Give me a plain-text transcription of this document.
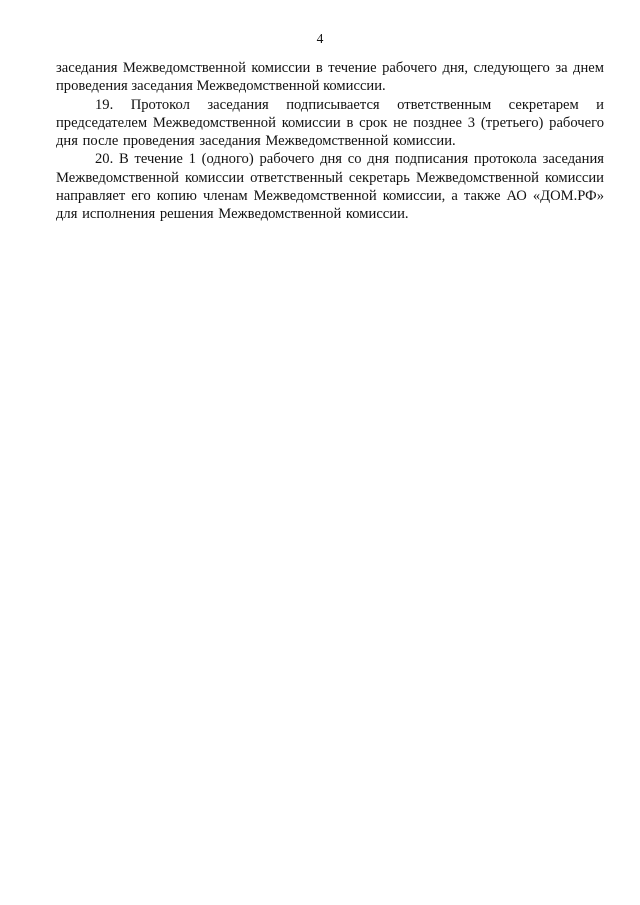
4

заседания Межведомственной комиссии в течение рабочего дня, следующего за днем проведения заседания Межведомственной комиссии.

19. Протокол заседания подписывается ответственным секретарем и председателем Межведомственной комиссии в срок не позднее 3 (третьего) рабочего дня после проведения заседания Межведомственной комиссии.

20. В течение 1 (одного) рабочего дня со дня подписания протокола заседания Межведомственной комиссии ответственный секретарь Межведомственной комиссии направляет его копию членам Межведомственной комиссии, а также АО «ДОМ.РФ» для исполнения решения Межведомственной комиссии.
